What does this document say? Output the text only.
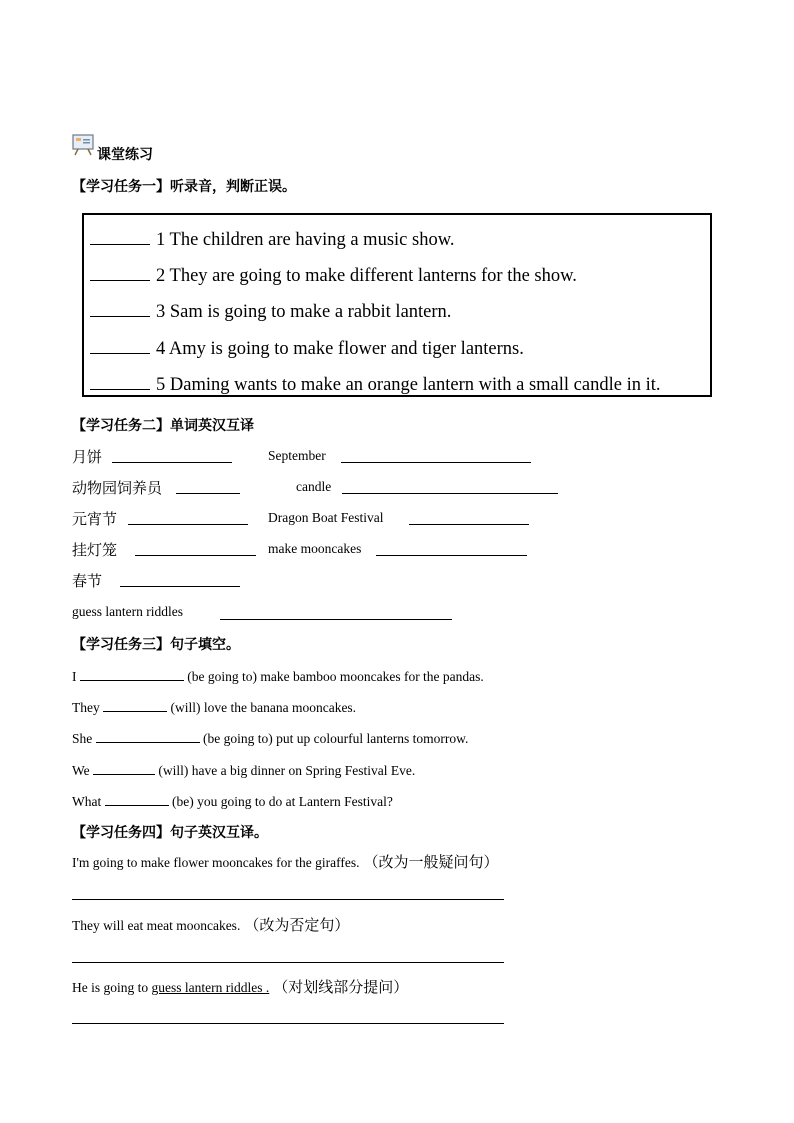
课堂练习
【学习任务一】听录音，判断正误。
1 The children are having a music show.
2 They are going to make different lanterns for the show.
3 Sam is going to make a rabbit lantern.
4 Amy is going to make flower and tiger lanterns.
5 Daming wants to make an orange lantern with a small candle in it.
【学习任务二】单词英汉互译
月饼	September
动物园饲养员	candle
元宵节	Dragon Boat Festival
挂灯笼	make mooncakes
春节
guess lantern riddles
【学习任务三】句子填空。
I	(be going to) make bamboo mooncakes for the pandas.
They	(will) love the banana mooncakes.
She	(be going to) put up colourful lanterns tomorrow.
We	(will) have a big dinner on Spring Festival Eve.
What	(be) you going to do at Lantern Festival?
【学习任务四】句子英汉互译。
I'm going to make flower mooncakes for the giraffes. （改为一般疑问句）
They will eat meat mooncakes. （改为否定句）
He is going to guess lantern riddles . （对划线部分提问）
